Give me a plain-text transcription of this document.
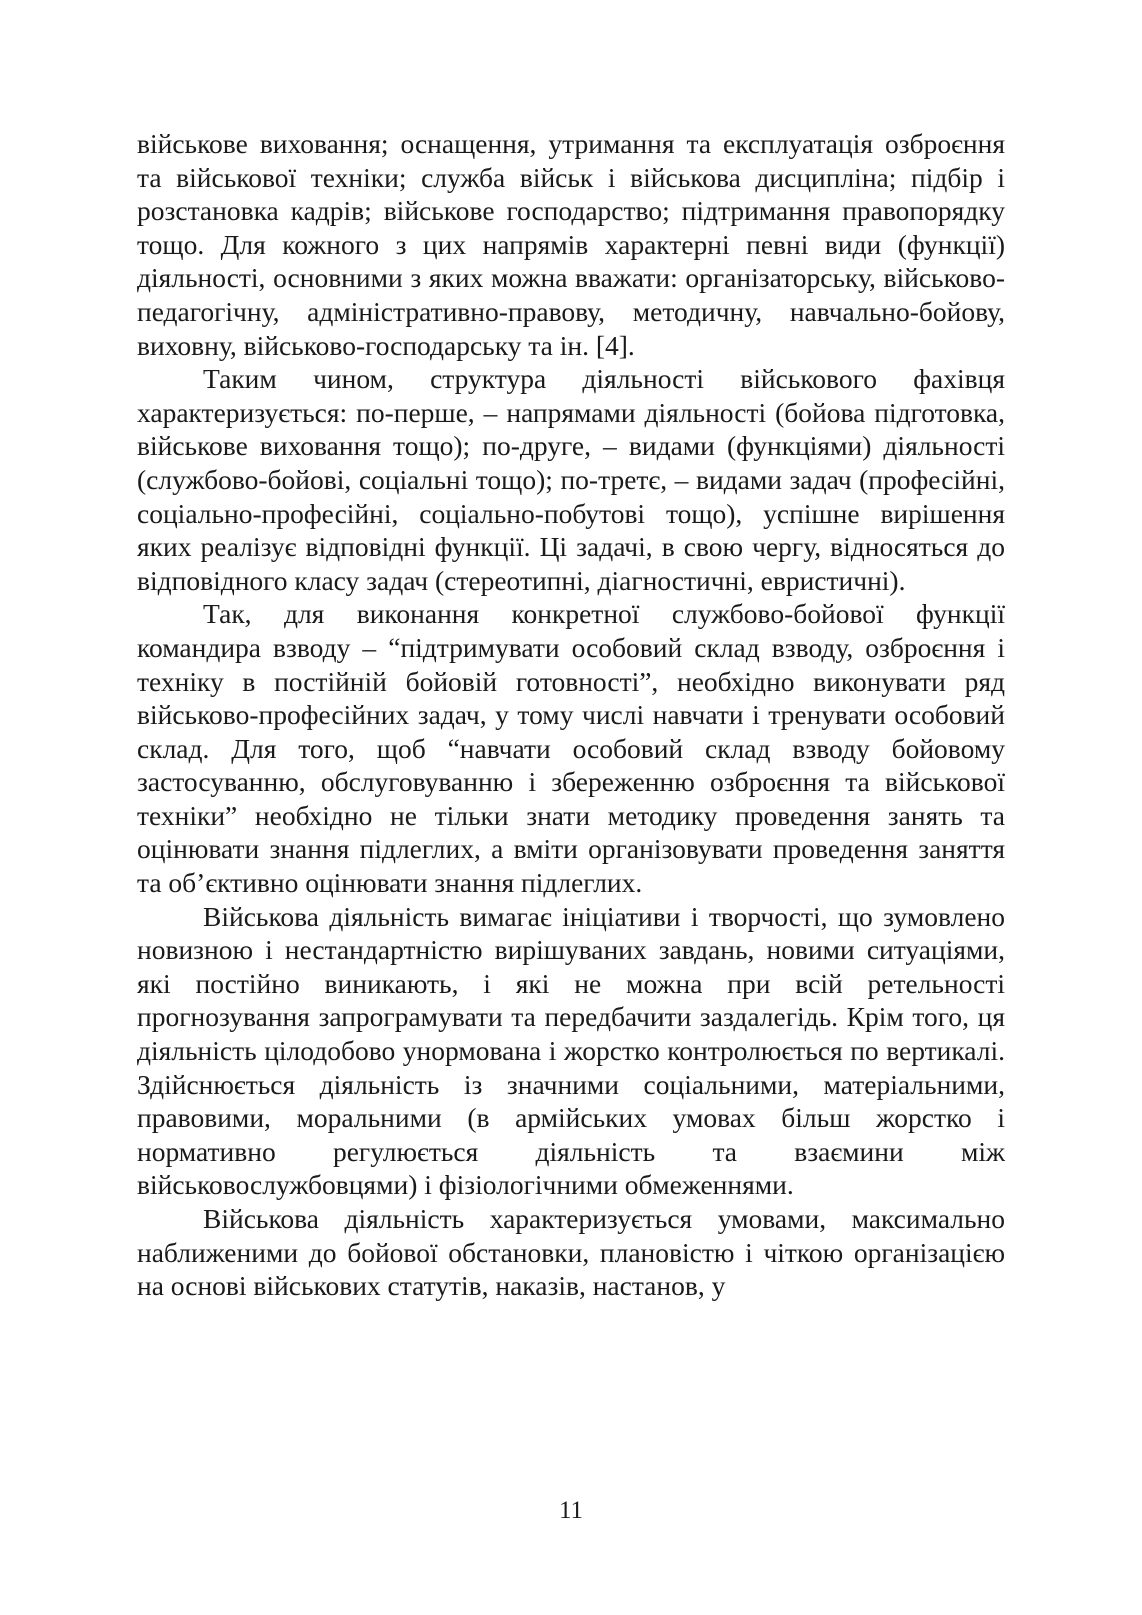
військове виховання; оснащення, утримання та експлуатація озброєння та військової техніки; служба військ і військова дисципліна; підбір і розстановка кадрів; військове господарство; підтримання правопорядку тощо. Для кожного з цих напрямів характерні певні види (функції) діяльності, основними з яких можна вважати: організаторську, військово-педагогічну, адміністративно-правову, методичну, навчально-бойову, виховну, військово-господарську та ін. [4].

Таким чином, структура діяльності військового фахівця характеризується: по-перше, – напрямами діяльності (бойова підготовка, військове виховання тощо); по-друге, – видами (функціями) діяльності (службово-бойові, соціальні тощо); по-третє, – видами задач (професійні, соціально-професійні, соціально-побутові тощо), успішне вирішення яких реалізує відповідні функції. Ці задачі, в свою чергу, відносяться до відповідного класу задач (стереотипні, діагностичні, евристичні).

Так, для виконання конкретної службово-бойової функції командира взводу – “підтримувати особовий склад взводу, озброєння і техніку в постійній бойовій готовності”, необхідно виконувати ряд військово-професійних задач, у тому числі навчати і тренувати особовий склад. Для того, щоб “навчати особовий склад взводу бойовому застосуванню, обслуговуванню і збереженню озброєння та військової техніки” необхідно не тільки знати методику проведення занять та оцінювати знання підлеглих, а вміти організовувати проведення заняття та об’єктивно оцінювати знання підлеглих.

Військова діяльність вимагає ініціативи і творчості, що зумовлено новизною і нестандартністю вирішуваних завдань, новими ситуаціями, які постійно виникають, і які не можна при всій ретельності прогнозування запрограмувати та передбачити заздалегідь. Крім того, ця діяльність цілодобово унормована і жорстко контролюється по вертикалі. Здійснюється діяльність із значними соціальними, матеріальними, правовими, моральними (в армійських умовах більш жорстко і нормативно регулюється діяльність та взаємини між військовослужбовцями) і фізіологічними обмеженнями.

Військова діяльність характеризується умовами, максимально наближеними до бойової обстановки, плановістю і чіткою організацією на основі військових статутів, наказів, настанов, у

11
